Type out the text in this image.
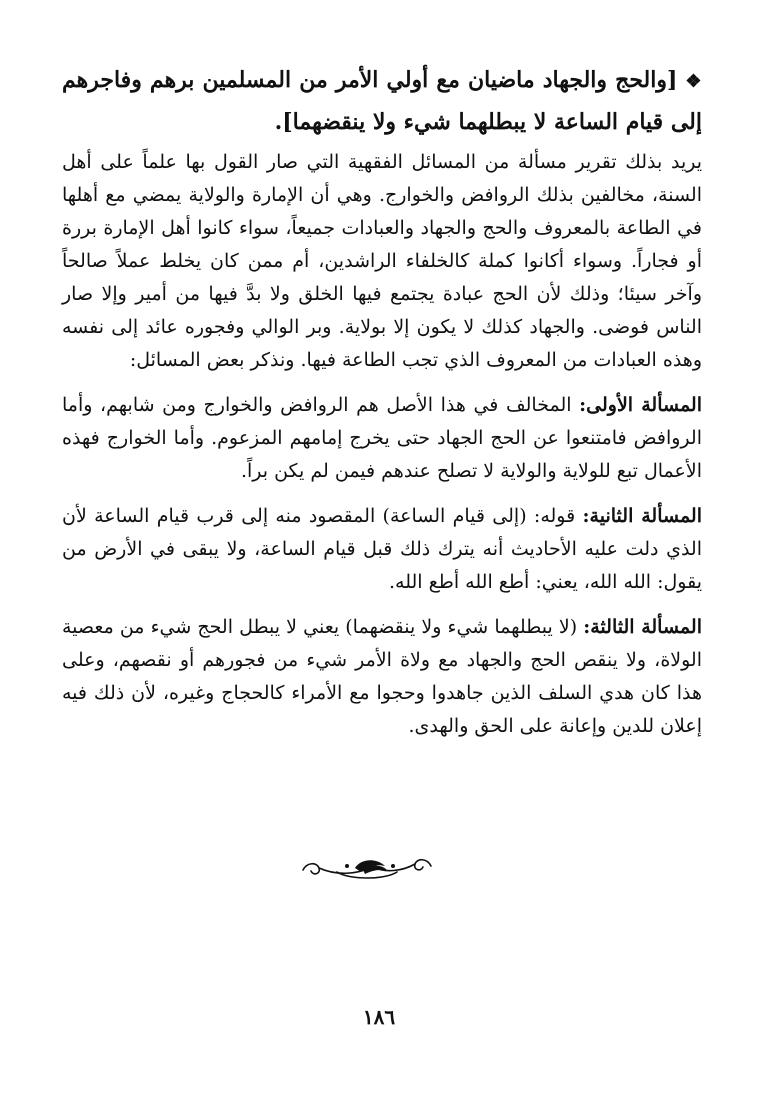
❖[والحج والجهاد ماضيان مع أولي الأمر من المسلمين برهم وفاجرهم إلى قيام الساعة لا يبطلهما شيء ولا ينقضهما].

يريد بذلك تقرير مسألة من المسائل الفقهية التي صار القول بها علماً على أهل السنة، مخالفين بذلك الروافض والخوارج. وهي أن الإمارة والولاية يمضي مع أهلها في الطاعة بالمعروف والحج والجهاد والعبادات جميعاً، سواء كانوا أهل الإمارة بررة أو فجاراً. وسواء أكانوا كملة كالخلفاء الراشدين، أم ممن كان يخلط عملاً صالحاً وآخر سيئا؛ وذلك لأن الحج عبادة يجتمع فيها الخلق ولا بدَّ فيها من أمير وإلا صار الناس فوضى. والجهاد كذلك لا يكون إلا بولاية. وبر الوالي وفجوره عائد إلى نفسه وهذه العبادات من المعروف الذي تجب الطاعة فيها. ونذكر بعض المسائل:

المسألة الأولى: المخالف في هذا الأصل هم الروافض والخوارج ومن شابهم، وأما الروافض فامتنعوا عن الحج الجهاد حتى يخرج إمامهم المزعوم. وأما الخوارج فهذه الأعمال تبع للولاية والولاية لا تصلح عندهم فيمن لم يكن براً.

المسألة الثانية: قوله: (إلى قيام الساعة) المقصود منه إلى قرب قيام الساعة لأن الذي دلت عليه الأحاديث أنه يترك ذلك قبل قيام الساعة، ولا يبقى في الأرض من يقول: الله الله، يعني: أطع الله أطع الله.

المسألة الثالثة: (لا يبطلهما شيء ولا ينقضهما) يعني لا يبطل الحج شيء من معصية الولاة، ولا ينقص الحج والجهاد مع ولاة الأمر شيء من فجورهم أو نقصهم، وعلى هذا كان هدي السلف الذين جاهدوا وحجوا مع الأمراء كالحجاج وغيره، لأن ذلك فيه إعلان للدين وإعانة على الحق والهدى.

١٨٦
